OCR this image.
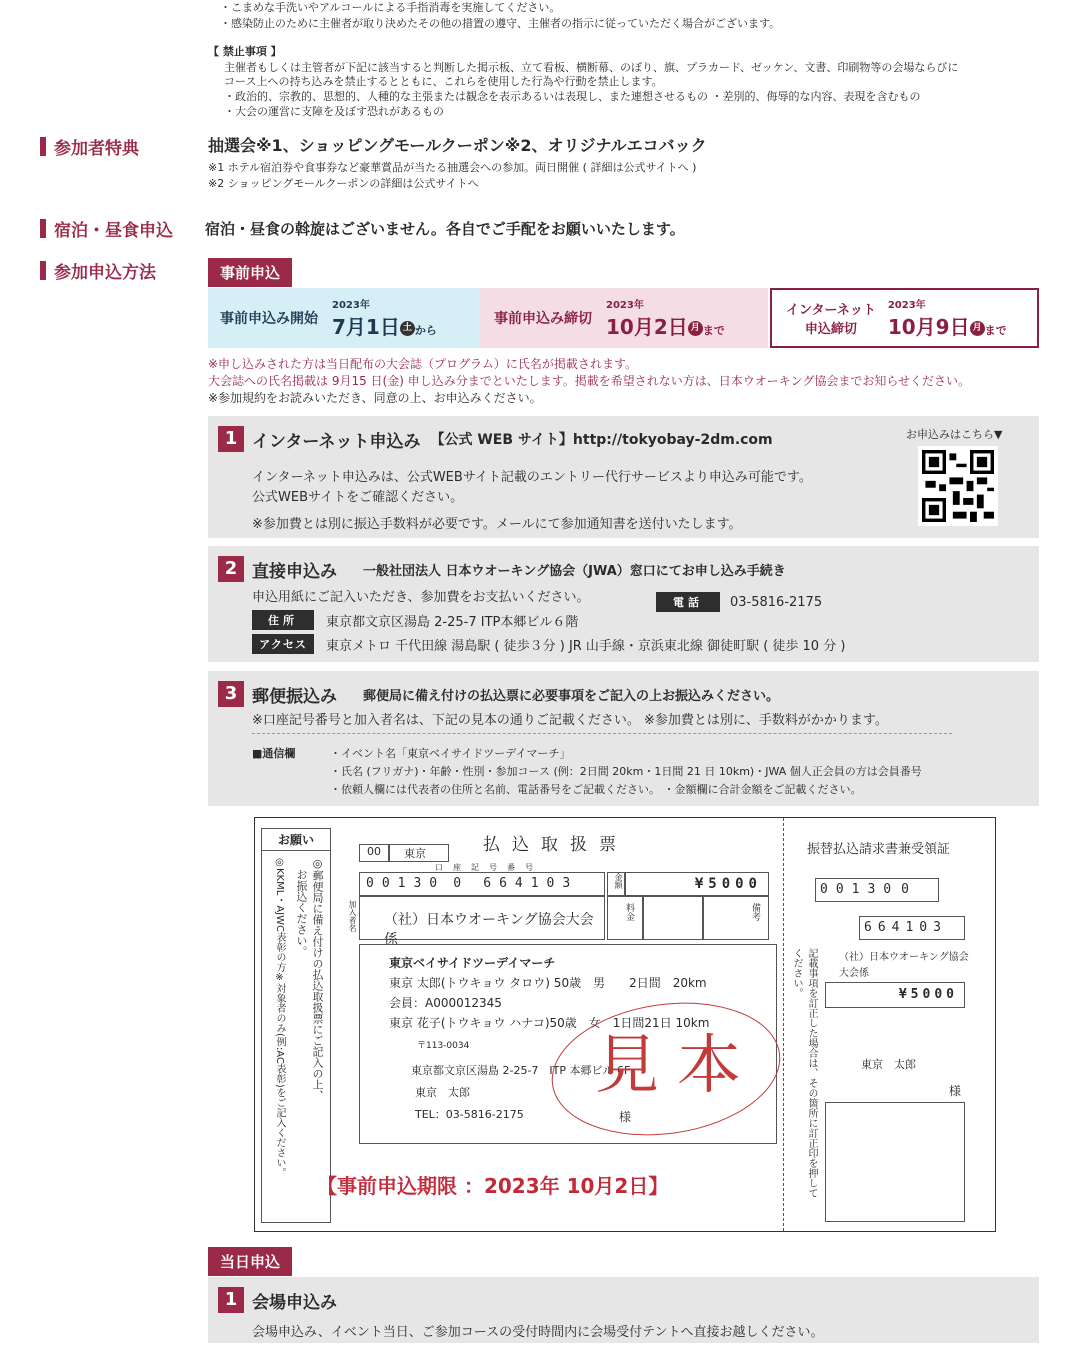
・こまめな手洗いやアルコールによる手指消毒を実施してください。
・感染防止のために主催者が取り決めたその他の措置の遵守、主催者の指示に従っていただく場合がございます。
【 禁止事項 】
主催者もしくは主管者が下記に該当すると判断した掲示板、立て看板、横断幕、のぼり、旗、プラカード、ゼッケン、文書、印刷物等の会場ならびに
コース上への持ち込みを禁止するとともに、これらを使用した行為や行動を禁止します。
・政治的、宗教的、思想的、人種的な主張または観念を表示あるいは表現し、また連想させるもの ・差別的、侮辱的な内容、表現を含むもの
・大会の運営に支障を及ぼす恐れがあるもの
参加者特典	抽選会※1、ショッピングモールクーポン※2、オリジナルエコバック
※1 ホテル宿泊券や食事券など豪華賞品が当たる抽選会への参加。両日開催 ( 詳細は公式サイトへ )
※2 ショッピングモールクーポンの詳細は公式サイトへ
宿泊・昼食申込 宿泊・昼食の斡旋はございません。各自でご手配をお願いいたします。
参加申込方法	事前申込
事前申込み開始
2023年
7月1日 土 から
事前申込み締切
2023年
10月2日 月 まで
インターネット
申込締切
2023年
10月9日 月 まで
※申し込みされた方は当日配布の大会誌（プログラム）に氏名が掲載されます。
大会誌への氏名掲載は 9月15 日(金) 申し込み分までといたします。掲載を希望されない方は、日本ウオーキング協会までお知らせください。
※参加規約をお読みいただき、同意の上、お申込みください。
1 インターネット申込み 【公式 WEB サイト】http://tokyobay-2dm.com
インターネット申込みは、公式WEBサイト記載のエントリー代行サービスより申込み可能です。
公式WEBサイトをご確認ください。
※参加費とは別に振込手数料が必要です。メールにて参加通知書を送付いたします。
お申込みはこちら▼
2 直接申込み 一般社団法人 日本ウオーキング協会（JWA）窓口にてお申し込み手続き
申込用紙にご記入いただき、参加費をお支払いください。	電話	03-5816-2175
住所	東京都文京区湯島 2-25-7 ITP本郷ビル６階
アクセス	東京メトロ 千代田線 湯島駅 ( 徒歩３分 ) JR 山手線・京浜東北線 御徒町駅 ( 徒歩 10 分 )
3 郵便振込み 郵便局に備え付けの払込票に必要事項をご記入の上お振込みください。
※口座記号番号と加入者名は、下記の見本の通りご記載ください。 ※参加費とは別に、手数料がかかります。
■通信欄	・イベント名「東京ベイサイドツーデイマーチ」
・氏名 (フリガナ)・年齢・性別・参加コース (例：2日間 20km・1日間 21 日 10km)・JWA 個人正会員の方は会員番号
・依頼人欄には代表者の住所と名前、電話番号をご記載ください。 ・金額欄に合計金額をご記載ください。
お願い
◎郵便局に備え付けの払込取扱票にご記入の上、
お振込ください。
◎KKML・AJWC表彰の方※対象者のみ(例:AC表彰)をご記入ください。
払込取扱票
00	東京
口座記号番号
00130 0 664103	金額	¥5000
（社）日本ウオーキング協会大会係
加入者名	料金	備考
東京ベイサイドツーデイマーチ
東京 太郎(トウキョウ タロウ) 50歳　男　　2日間　20km
会員：A000012345
東京 花子(トウキョウ ハナコ)50歳　女　1日間21日 10km
〒113-0034
東京都文京区湯島 2-25-7　ITP 本郷ビル 6F
東京　太郎
TEL：03-5816-2175	様
見本
【事前申込期限 ：2023年 10月2日】	記載事項を訂正した場合は、その箇所に訂正印を押してください。
振替払込請求書兼受領証
00130 0
664103
（社）日本ウオーキング協会
大会係
¥5000
東京　太郎
様
当日申込
1 会場申込み
会場申込み、イベント当日、ご参加コースの受付時間内に会場受付テントへ直接お越しください。
